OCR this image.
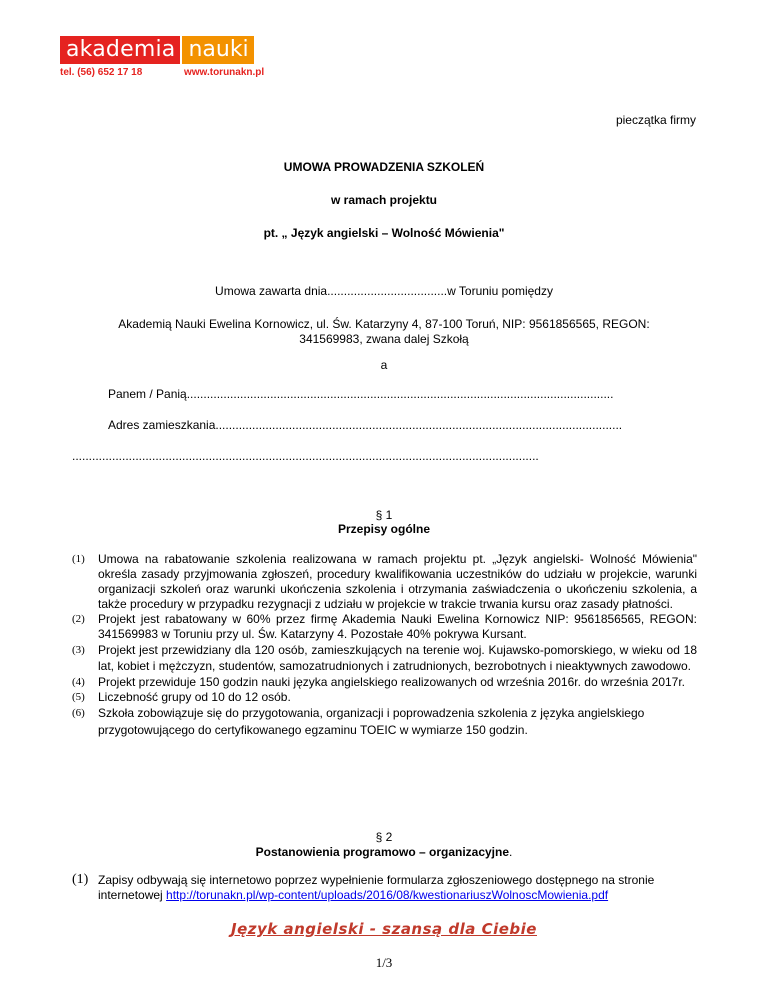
akademia nauki
tel. (56) 652 17 18	www.torunakn.pl
pieczątka firmy
UMOWA PROWADZENIA SZKOLEŃ
w ramach projektu
pt. „ Język angielski – Wolność Mówienia"
Umowa zawarta dnia....................................w Toruniu pomiędzy
Akademią Nauki Ewelina Kornowicz, ul. Św. Katarzyny 4, 87-100 Toruń, NIP: 9561856565, REGON:
341569983, zwana dalej Szkołą
a
Panem / Panią................................................................................................................................
Adres zamieszkania..........................................................................................................................
............................................................................................................................................
§ 1
Przepisy ogólne
(1) Umowa na rabatowanie szkolenia realizowana w ramach projektu pt. „Język angielski- Wolność Mówienia" określa zasady przyjmowania zgłoszeń, procedury kwalifikowania uczestników do udziału w projekcie, warunki organizacji szkoleń oraz warunki ukończenia szkolenia i otrzymania zaświadczenia o ukończeniu szkolenia, a także procedury w przypadku rezygnacji z udziału w projekcie w trakcie trwania kursu oraz zasady płatności.
(2) Projekt jest rabatowany w 60% przez firmę Akademia Nauki Ewelina Kornowicz NIP: 9561856565, REGON: 341569983 w Toruniu przy ul. Św. Katarzyny 4. Pozostałe 40% pokrywa Kursant.
(3) Projekt jest przewidziany dla 120 osób, zamieszkujących na terenie woj. Kujawsko-pomorskiego, w wieku od 18 lat, kobiet i mężczyzn, studentów, samozatrudnionych i zatrudnionych, bezrobotnych i nieaktywnych zawodowo.
(4) Projekt przewiduje 150 godzin nauki języka angielskiego realizowanych od września 2016r. do września 2017r.
(5) Liczebność grupy od 10 do 12 osób.
(6) Szkoła zobowiązuje się do przygotowania, organizacji i poprowadzenia szkolenia z języka angielskiego przygotowującego do certyfikowanego egzaminu TOEIC w wymiarze 150 godzin.
§ 2
Postanowienia programowo – organizacyjne.
(1) Zapisy odbywają się internetowo poprzez wypełnienie formularza zgłoszeniowego dostępnego na stronie internetowej http://torunakn.pl/wp-content/uploads/2016/08/kwestionariuszWolnoscMowienia.pdf
Język angielski - szansą dla Ciebie
1/3
